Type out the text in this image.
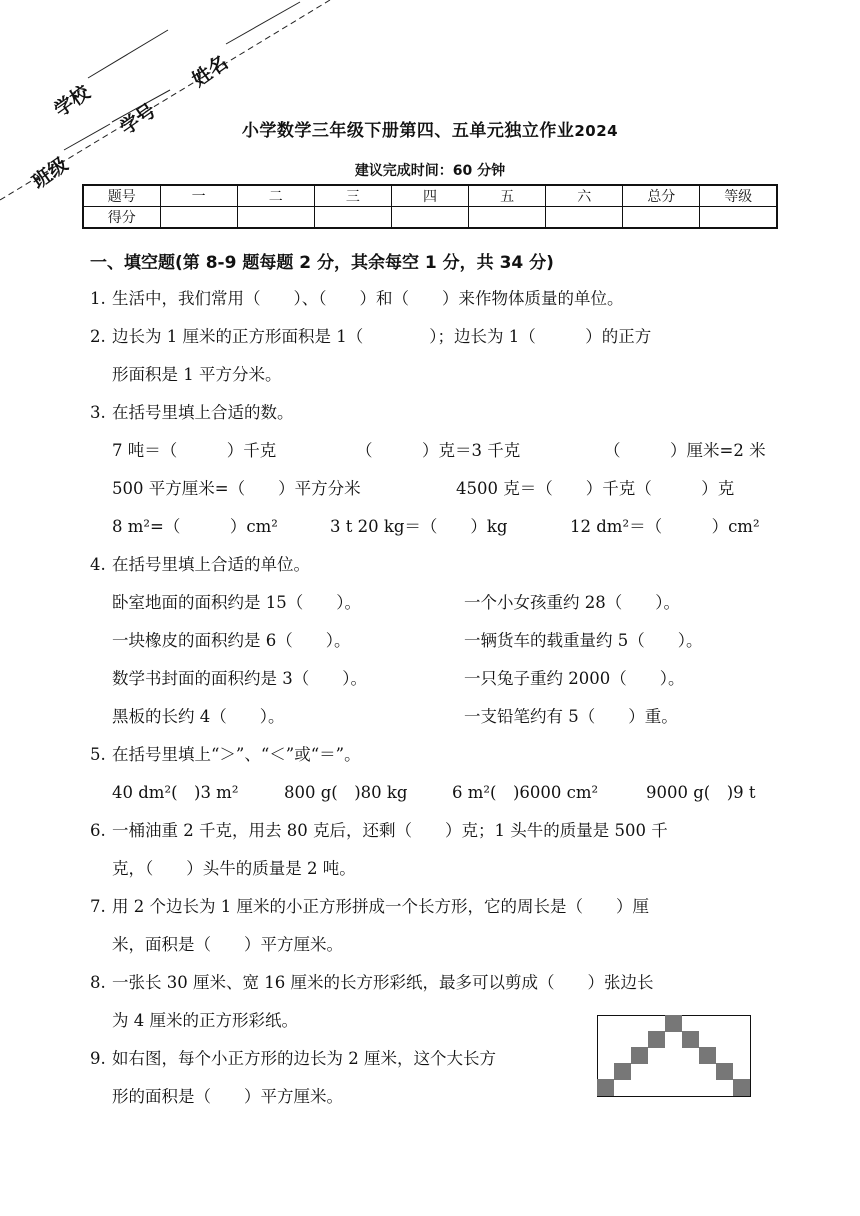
学校
姓名
班级
学号	小学数学三年级下册第四、五单元独立作业2024
建议完成时间：60 分钟
题号	一	二	三	四	五	六	总分	等级
得分								
一、填空题(第 8-9 题每题 2 分，其余每空 1 分，共 34 分)
1. 生活中，我们常用（　　）、（　　）和（　　）来作物体质量的单位。
2. 边长为 1 厘米的正方形面积是 1（　　　　）；边长为 1（　　　）的正方
形面积是 1 平方分米。
3. 在括号里填上合适的数。
7 吨＝（　　　）千克	（　　　）克＝3 千克	（　　　）厘米=2 米
500 平方厘米=（　　）平方分米	4500 克＝（　　）千克（　　　）克
8 m²=（　　　）cm²	3 t 20 kg＝（　　）kg	12 dm²＝（　　　）cm²
4. 在括号里填上合适的单位。
卧室地面的面积约是 15（　　）。	一个小女孩重约 28（　　）。
一块橡皮的面积约是 6（　　）。	一辆货车的载重量约 5（　　）。
数学书封面的面积约是 3（　　）。	一只兔子重约 2000（　　）。
黑板的长约 4（　　）。	一支铅笔约有 5（　　）重。
5. 在括号里填上“＞”、“＜”或“＝”。
40 dm²(　)3 m²	800 g(　)80 kg	6 m²(　)6000 cm²	9000 g(　)9 t
6. 一桶油重 2 千克，用去 80 克后，还剩（　　）克；1 头牛的质量是 500 千
克，（　　）头牛的质量是 2 吨。
7. 用 2 个边长为 1 厘米的小正方形拼成一个长方形，它的周长是（　　）厘
米，面积是（　　）平方厘米。
8. 一张长 30 厘米、宽 16 厘米的长方形彩纸，最多可以剪成（　　）张边长
为 4 厘米的正方形彩纸。
9. 如右图，每个小正方形的边长为 2 厘米，这个大长方
形的面积是（　　）平方厘米。
